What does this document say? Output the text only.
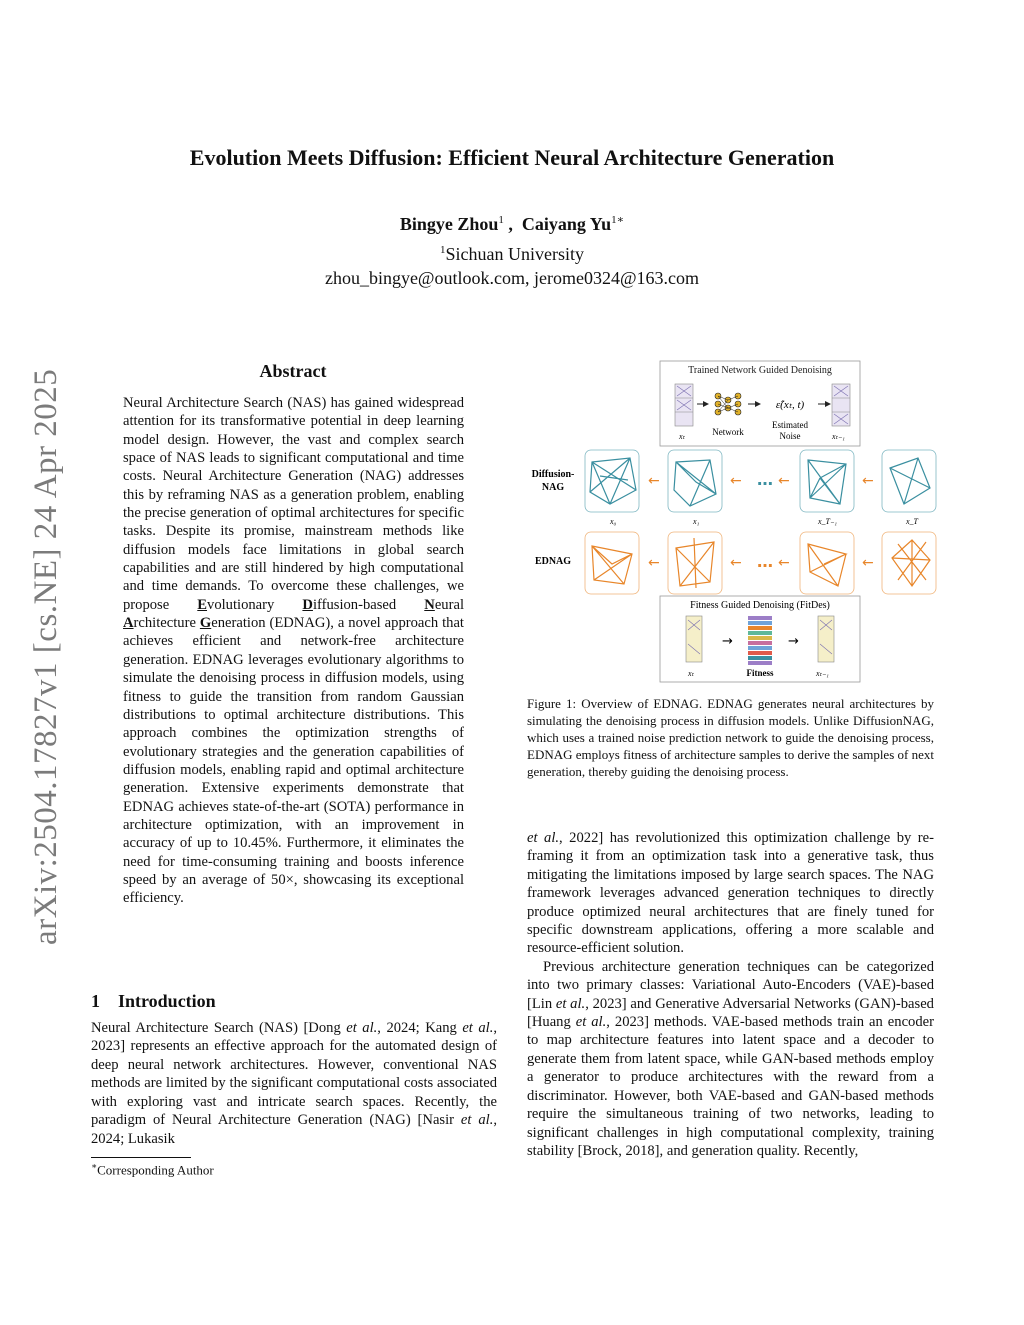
arXiv:2504.17827v1 [cs.NE] 24 Apr 2025
Evolution Meets Diffusion: Efficient Neural Architecture Generation
Bingye Zhou$^1$ ,  Caiyang $Yu^{1∗}$
$^1$Sichuan University
zhou_bingye@outlook.com, jerome0324@163.com
Abstract
Neural Architecture Search (NAS) has gained widespread attention for its transformative potential in deep learning model design. However, the vast and complex search space of NAS leads to significant computational and time costs. Neural Architecture Generation (NAG) addresses this by reframing NAS as a generation problem, enabling the precise generation of optimal architectures for specific tasks. Despite its promise, mainstream methods like diffusion models face limitations in global search capabilities and are still hindered by high computational and time demands. To overcome these challenges, we propose Evolutionary Diffusion-based Neural Architecture Generation (EDNAG), a novel approach that achieves efficient and network-free architecture generation. EDNAG leverages evolutionary algorithms to simulate the denoising process in diffusion models, using fitness to guide the transition from random Gaussian distributions to optimal architecture distributions. This approach combines the optimization strengths of evolutionary strategies and the generation capabilities of diffusion models, enabling rapid and optimal architecture generation. Extensive experiments demonstrate that EDNAG achieves state-of-the-art (SOTA) performance in architecture optimization, with an improvement in accuracy of up to 10.45%. Furthermore, it eliminates the need for time-consuming training and boosts inference speed by an average of 50×, showcasing its exceptional efficiency.
1 Introduction
Neural Architecture Search (NAS) [Dong et al., 2024; Kang et al., 2023] represents an effective approach for the automated design of deep neural network architectures. However, conventional NAS methods are limited by the significant computational costs associated with exploring vast and intricate search spaces. Recently, the paradigm of Neural Architecture Generation (NAG) [Nasir et al., 2024; Lukasik
∗Corresponding Author
Trained Network Guided Denoising
xₜ	Network
ε̂(xₜ, t)
Estimated
Noise	xₜ₋₁
Diffusion-
NAG
EDNAG
←	← … ←	←
x₀	x₁	x_T₋₁	x_T
←	← … ←	←
Fitness Guided Denoising (FitDes)
xₜ
→
Fitness
→
xₜ₋₁
Figure 1: Overview of EDNAG. EDNAG generates neural architectures by simulating the denoising process in diffusion models. Unlike DiffusionNAG, which uses a trained noise prediction network to guide the denoising process, EDNAG employs fitness of architecture samples to derive the samples of next generation, thereby guiding the denoising process.

et al., 2022] has revolutionized this optimization challenge by re-framing it from an optimization task into a generative task, thus mitigating the limitations imposed by large search spaces. The NAG framework leverages advanced generation techniques to directly produce optimized neural architectures that are finely tuned for specific downstream applications, offering a more scalable and resource-efficient solution.

Previous architecture generation techniques can be categorized into two primary classes: Variational Auto-Encoders (VAE)-based [Lin et al., 2023] and Generative Adversarial Networks (GAN)-based [Huang et al., 2023] methods. VAE-based methods train an encoder to map architecture features into latent space and a decoder to generate them from latent space, while GAN-based methods employ a generator to produce architectures with the reward from a discriminator. However, both VAE-based and GAN-based methods require the simultaneous training of two networks, leading to significant challenges in high computational complexity, training stability [Brock, 2018], and generation quality. Recently,
